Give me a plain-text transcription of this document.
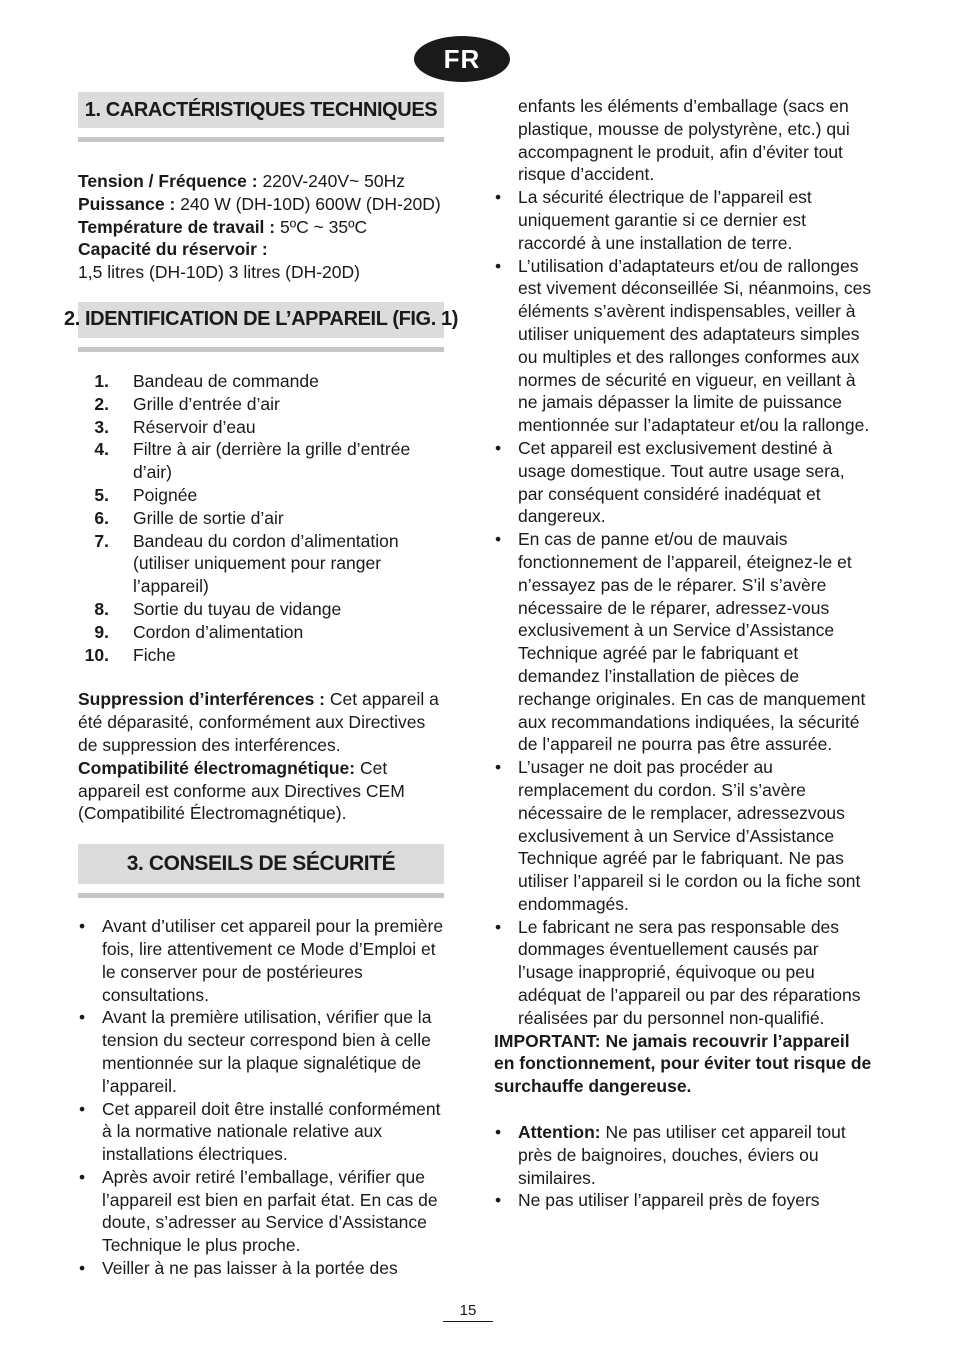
FR
1. CARACTÉRISTIQUES TECHNIQUES

Tension / Fréquence : 220V-240V~ 50Hz

Puissance : 240 W (DH-10D) 600W (DH-20D)

Température de travail : 5ºC ~ 35ºC

Capacité du réservoir :

1,5 litres (DH-10D) 3 litres (DH-20D)

2. IDENTIFICATION DE L’APPAREIL (FIG. 1)
1. Bandeau de commande
2. Grille d’entrée d’air
3. Réservoir d’eau
4. Filtre à air (derrière la grille d’entrée d’air)
5. Poignée
6. Grille de sortie d’air
7. Bandeau du cordon d’alimentation (utiliser uniquement pour ranger l’appareil)
8. Sortie du tuyau de vidange
9. Cordon d’alimentation
10. Fiche

Suppression d’interférences : Cet appareil a été déparasité, conformément aux Directives de suppression des interférences.

Compatibilité électromagnétique: Cet appareil est conforme aux Directives CEM (Compatibilité Électromagnétique).

3. CONSEILS DE SÉCURITÉ
• Avant d’utiliser cet appareil pour la première fois, lire attentivement ce Mode d’Emploi et le conserver pour de postérieures consultations.
• Avant la première utilisation, vérifier que la tension du secteur correspond bien à celle mentionnée sur la plaque signalétique de l’appareil.
• Cet appareil doit être installé conformément à la normative nationale relative aux installations électriques.
• Après avoir retiré l’emballage, vérifier que l’appareil est bien en parfait état. En cas de doute, s’adresser au Service d’Assistance Technique le plus proche.
• Veiller à ne pas laisser à la portée des
enfants les éléments d’emballage (sacs en plastique, mousse de polystyrène, etc.) qui accompagnent le produit, afin d’éviter tout risque d’accident.
• La sécurité électrique de l’appareil est uniquement garantie si ce dernier est raccordé à une installation de terre.
• L’utilisation d’adaptateurs et/ou de rallonges est vivement déconseillée Si, néanmoins, ces éléments s’avèrent indispensables, veiller à utiliser uniquement des adaptateurs simples ou multiples et des rallonges conformes aux normes de sécurité en vigueur, en veillant à ne jamais dépasser la limite de puissance mentionnée sur l’adaptateur et/ou la rallonge.
• Cet appareil est exclusivement destiné à usage domestique. Tout autre usage sera, par conséquent considéré inadéquat et dangereux.
• En cas de panne et/ou de mauvais fonctionnement de l’appareil, éteignez-le et n’essayez pas de le réparer. S’il s’avère nécessaire de le réparer, adressez-vous exclusivement à un Service d’Assistance Technique agréé par le fabriquant et demandez l’installation de pièces de rechange originales. En cas de manquement aux recommandations indiquées, la sécurité de l’appareil ne pourra pas être assurée.
• L’usager ne doit pas procéder au remplacement du cordon. S’il s’avère nécessaire de le remplacer, adressezvous exclusivement à un Service d’Assistance Technique agréé par le fabriquant. Ne pas utiliser l’appareil si le cordon ou la fiche sont endommagés.
• Le fabricant ne sera pas responsable des dommages éventuellement causés par l’usage inapproprié, équivoque ou peu adéquat de l’appareil ou par des réparations réalisées par du personnel non-qualifié.

IMPORTANT: Ne jamais recouvrir l’appareil en fonctionnement, pour éviter tout risque de surchauffe dangereuse.

• Attention: Ne pas utiliser cet appareil tout près de baignoires, douches, éviers ou similaires.
• Ne pas utiliser l’appareil près de foyers
15
